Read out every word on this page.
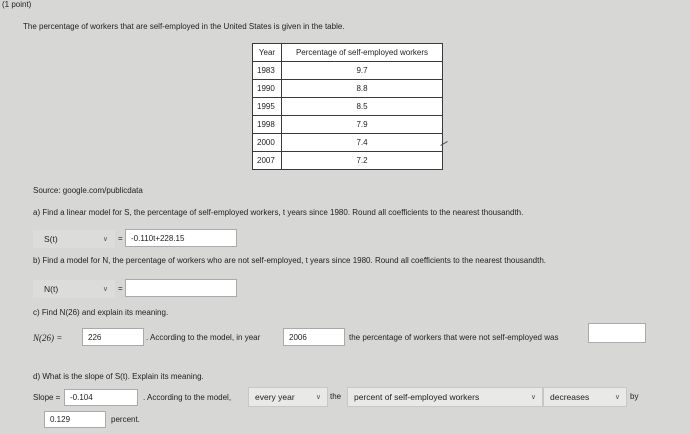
(1 point)
The percentage of workers that are self-employed in the United States is given in the table.
Year	Percentage of self-employed workers
1983	9.7
1990	8.8
1995	8.5
1998	7.9
2000	7.4
2007	7.2
Source: google.com/publicdata
a) Find a linear model for S, the percentage of self-employed workers, t years since 1980. Round all coefficients to the nearest thousandth.
S(t)	∨ =	-0.110t+228.15
b) Find a model for N, the percentage of workers who are not self-employed, t years since 1980. Round all coefficients to the nearest thousandth.
N(t)	∨ =
c) Find N(26) and explain its meaning.
N(26) =	226	. According to the model, in year	2006	the percentage of workers that were not self-employed was
d) What is the slope of S(t). Explain its meaning.
Slope =	-0.104	. According to the model,	every year	∨ the percent of self-employed workers	∨ decreases	∨ by
0.129	percent.
